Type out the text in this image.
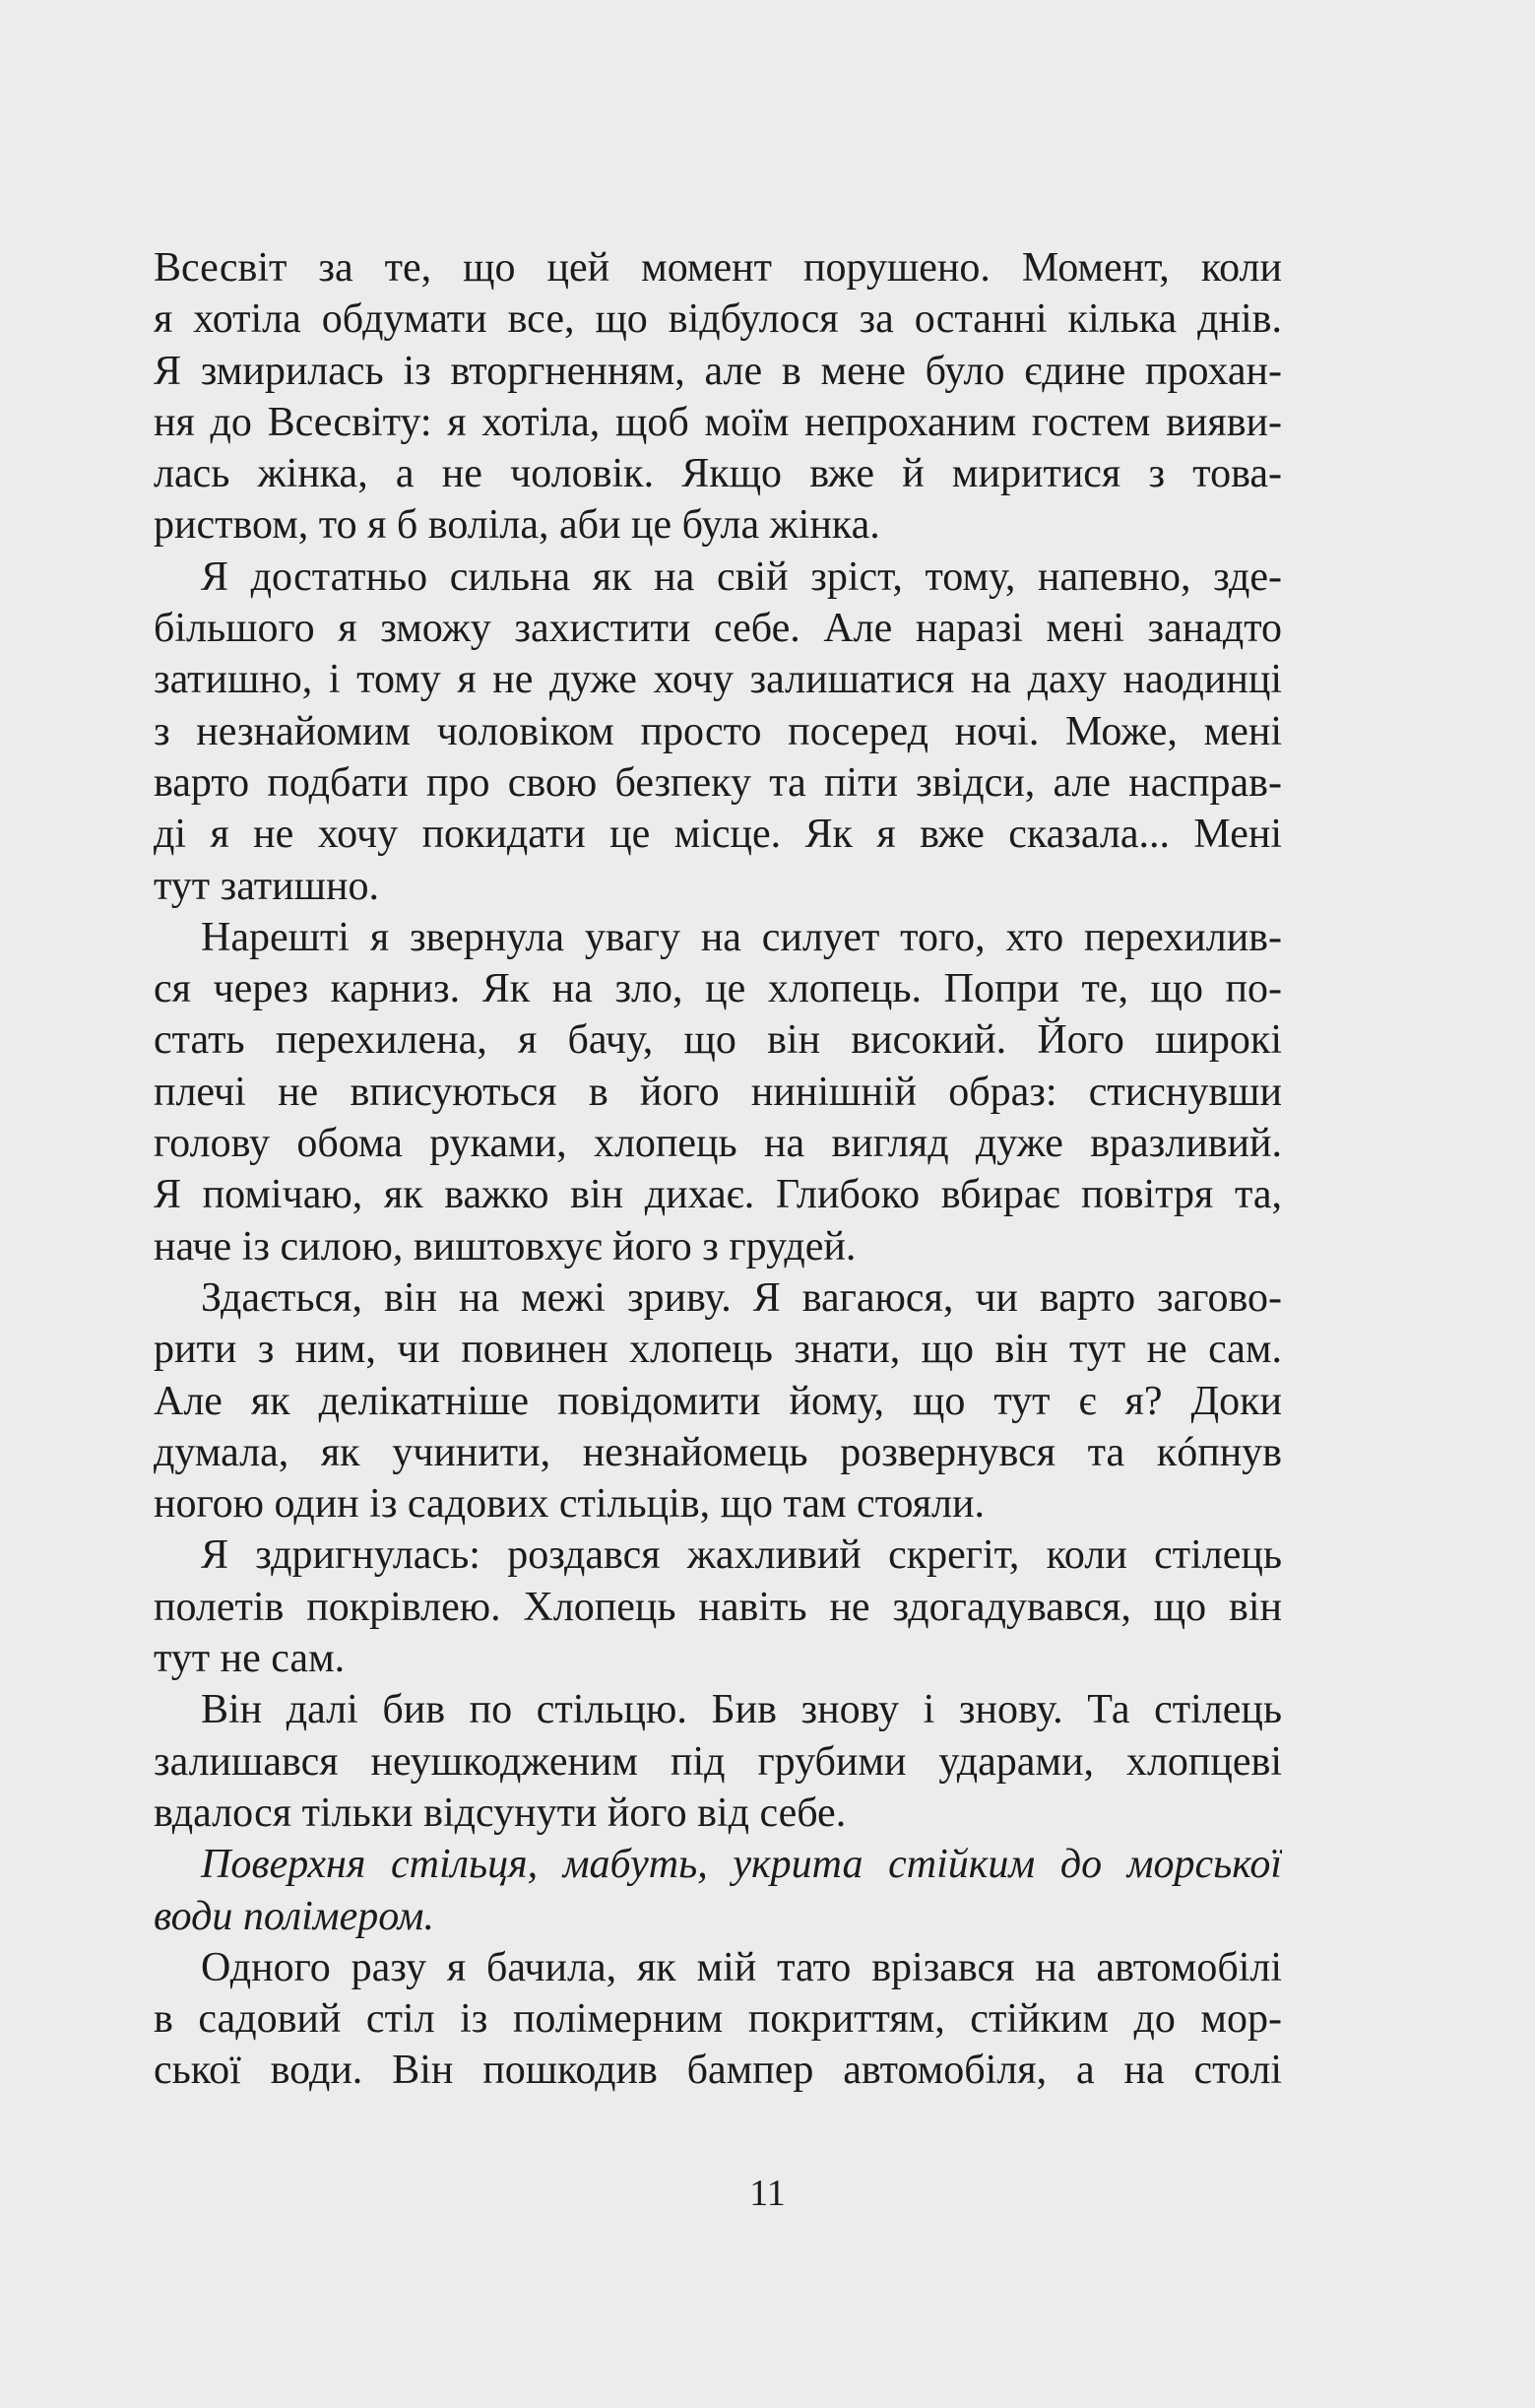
Всесвіт за те, що цей момент порушено. Момент, коли
я хотіла обдумати все, що відбулося за останні кілька днів.
Я змирилась із вторгненням, але в мене було єдине прохан-
ня до Всесвіту: я хотіла, щоб моїм непроханим гостем вияви-
лась жінка, а не чоловік. Якщо вже й миритися з това-
риством, то я б воліла, аби це була жінка.
Я достатньо сильна як на свій зріст, тому, напевно, зде-
більшого я зможу захистити себе. Але наразі мені занадто
затишно, і тому я не дуже хочу залишатися на даху наодинці
з незнайомим чоловіком просто посеред ночі. Може, мені
варто подбати про свою безпеку та піти звідси, але насправ-
ді я не хочу покидати це місце. Як я вже сказала... Мені
тут затишно.
Нарешті я звернула увагу на силует того, хто перехилив-
ся через карниз. Як на зло, це хлопець. Попри те, що по-
стать перехилена, я бачу, що він високий. Його широкі
плечі не вписуються в його нинішній образ: стиснувши
голову обома руками, хлопець на вигляд дуже вразливий.
Я помічаю, як важко він дихає. Глибоко вбирає повітря та,
наче із силою, виштовхує його з грудей.
Здається, він на межі зриву. Я вагаюся, чи варто загово-
рити з ним, чи повинен хлопець знати, що він тут не сам.
Але як делікатніше повідомити йому, що тут є я? Доки
думала, як учинити, незнайомець розвернувся та кóпнув
ногою один із садових стільців, що там стояли.
Я здригнулась: роздався жахливий скрегіт, коли стілець
полетів покрівлею. Хлопець навіть не здогадувався, що він
тут не сам.
Він далі бив по стільцю. Бив знову і знову. Та стілець
залишався неушкодженим під грубими ударами, хлопцеві
вдалося тільки відсунути його від себе.
Поверхня стільця, мабуть, укрита стійким до морської
води полімером.
Одного разу я бачила, як мій тато врізався на автомобілі
в садовий стіл із полімерним покриттям, стійким до мор-
ської води. Він пошкодив бампер автомобіля, а на столі
11
